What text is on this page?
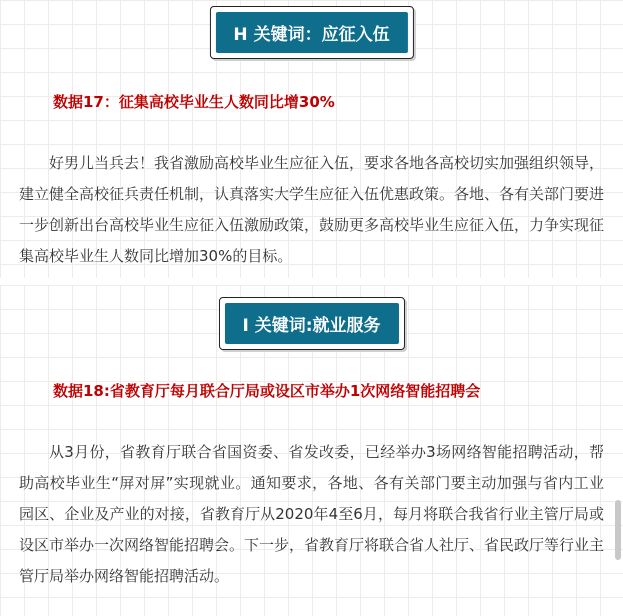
H 关键词：应征入伍
数据17：征集高校毕业生人数同比增30%

好男儿当兵去！我省激励高校毕业生应征入伍，要求各地各高校切实加强组织领导，建立健全高校征兵责任机制，认真落实大学生应征入伍优惠政策。各地、各有关部门要进一步创新出台高校毕业生应征入伍激励政策，鼓励更多高校毕业生应征入伍，力争实现征集高校毕业生人数同比增加30%的目标。

I 关键词:就业服务
数据18:省教育厅每月联合厅局或设区市举办1次网络智能招聘会

从3月份，省教育厅联合省国资委、省发改委，已经举办3场网络智能招聘活动，帮助高校毕业生“屏对屏”实现就业。通知要求，各地、各有关部门要主动加强与省内工业园区、企业及产业的对接，省教育厅从2020年4至6月，每月将联合我省行业主管厅局或设区市举办一次网络智能招聘会。下一步，省教育厅将联合省人社厅、省民政厅等行业主管厅局举办网络智能招聘活动。
